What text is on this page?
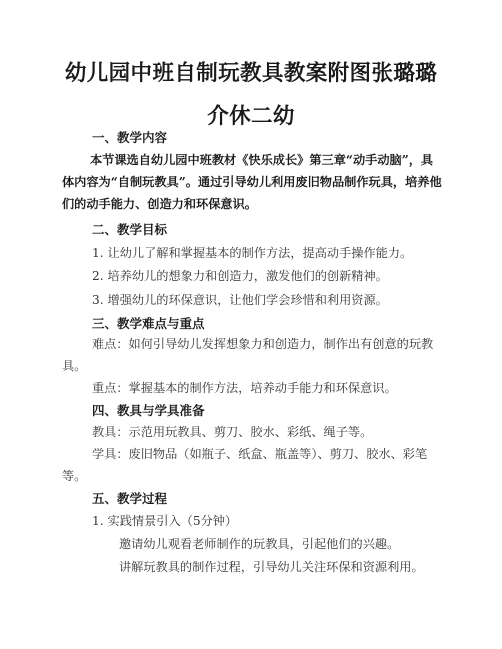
幼儿园中班自制玩教具教案附图张璐璐介休二幼
一、教学内容
本节课选自幼儿园中班教材《快乐成长》第三章“动手动脑”，具体内容为“自制玩教具”。通过引导幼儿利用废旧物品制作玩具，培养他们的动手能力、创造力和环保意识。
二、教学目标
1. 让幼儿了解和掌握基本的制作方法，提高动手操作能力。
2. 培养幼儿的想象力和创造力，激发他们的创新精神。
3. 增强幼儿的环保意识，让他们学会珍惜和利用资源。
三、教学难点与重点
难点：如何引导幼儿发挥想象力和创造力，制作出有创意的玩教具。
重点：掌握基本的制作方法，培养动手能力和环保意识。
四、教具与学具准备
教具：示范用玩教具、剪刀、胶水、彩纸、绳子等。
学具：废旧物品（如瓶子、纸盒、瓶盖等）、剪刀、胶水、彩笔等。
五、教学过程
1. 实践情景引入（5分钟）
邀请幼儿观看老师制作的玩教具，引起他们的兴趣。
讲解玩教具的制作过程，引导幼儿关注环保和资源利用。
